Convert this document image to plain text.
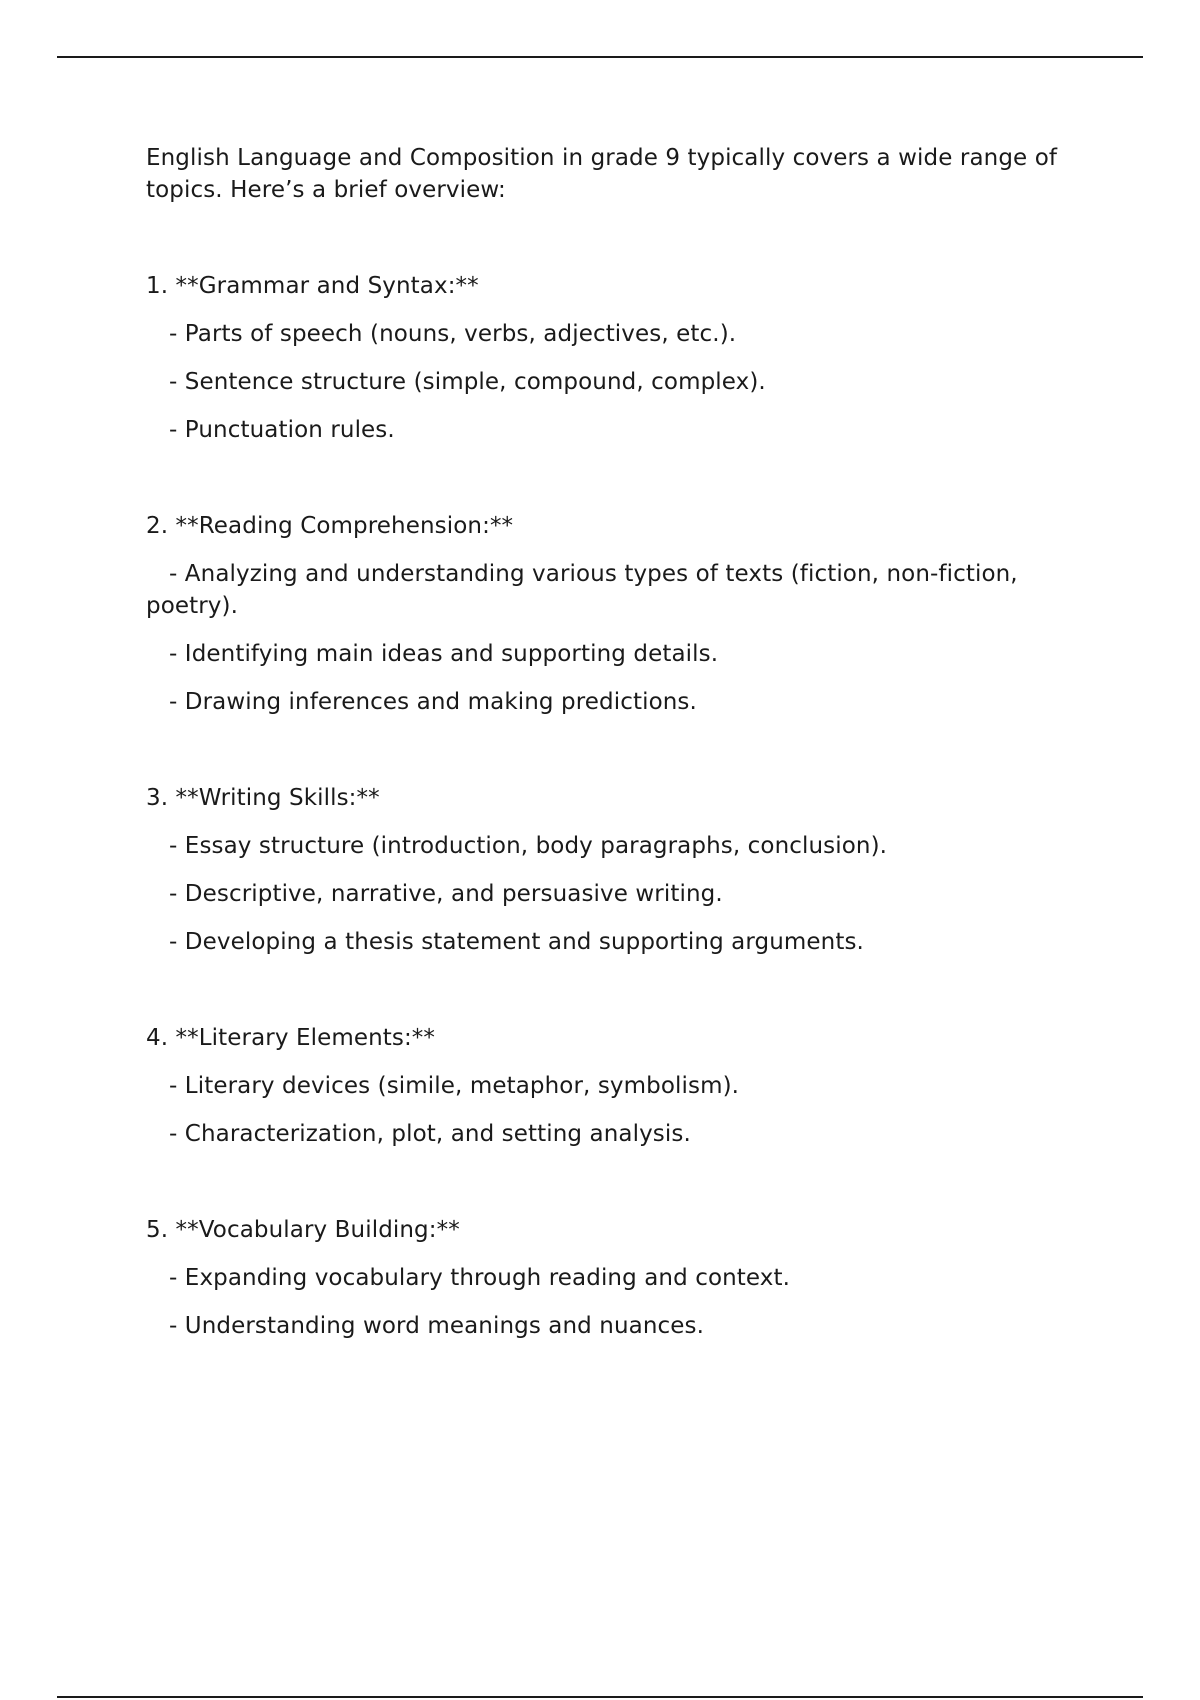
English Language and Composition in grade 9 typically covers a wide range of topics. Here’s a brief overview:

1. **Grammar and Syntax:**

- Parts of speech (nouns, verbs, adjectives, etc.).

- Sentence structure (simple, compound, complex).

- Punctuation rules.

2. **Reading Comprehension:**

- Analyzing and understanding various types of texts (fiction, non-fiction, poetry).

- Identifying main ideas and supporting details.

- Drawing inferences and making predictions.

3. **Writing Skills:**

- Essay structure (introduction, body paragraphs, conclusion).

- Descriptive, narrative, and persuasive writing.

- Developing a thesis statement and supporting arguments.

4. **Literary Elements:**

- Literary devices (simile, metaphor, symbolism).

- Characterization, plot, and setting analysis.

5. **Vocabulary Building:**

- Expanding vocabulary through reading and context.

- Understanding word meanings and nuances.
